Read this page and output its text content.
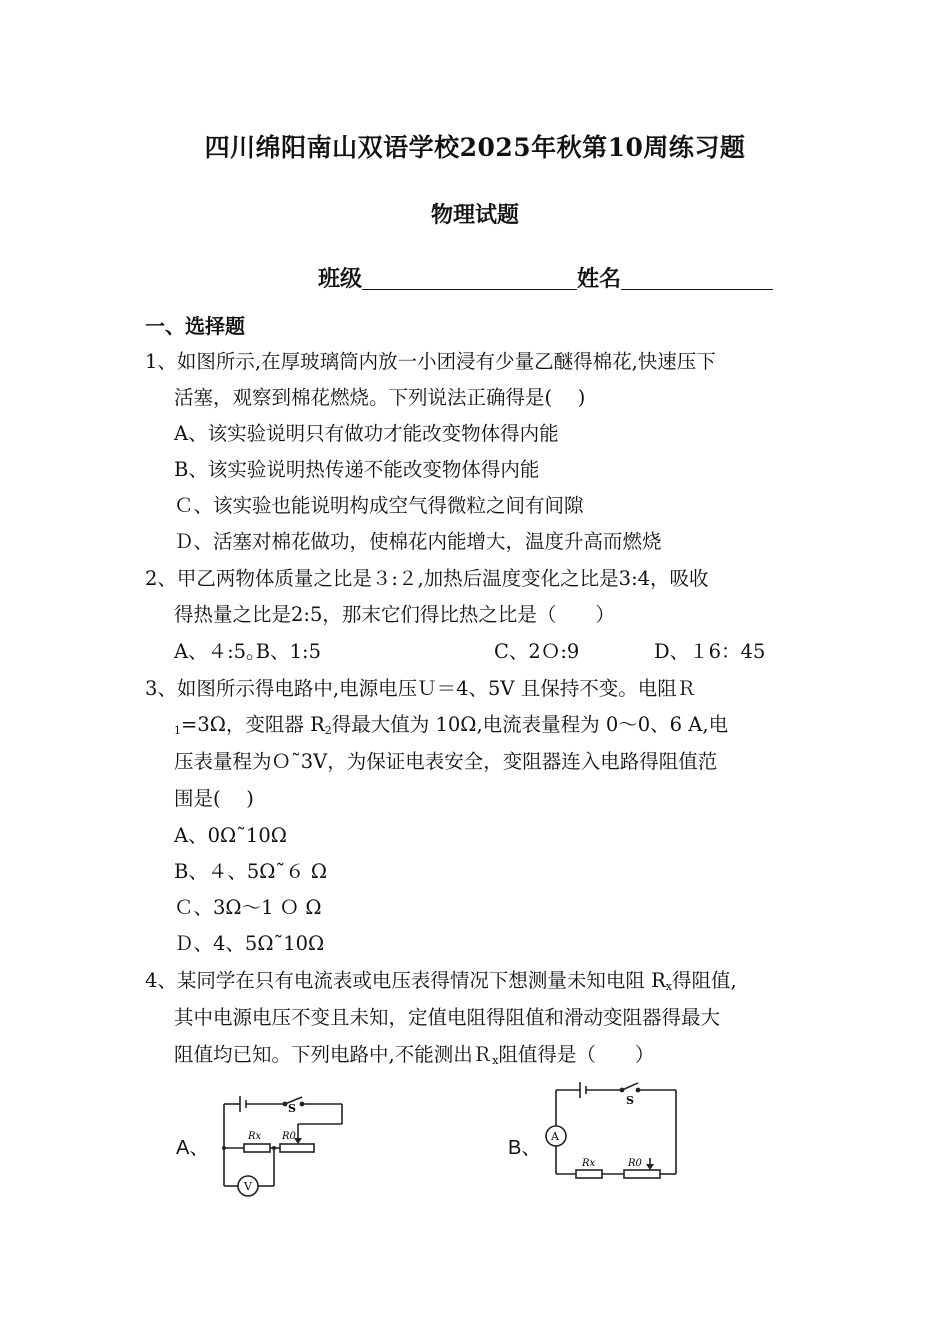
四川绵阳南山双语学校2025年秋第10周练习题
物理试题
班级	姓名
一、选择题
1、如图所示,在厚玻璃筒内放一小团浸有少量乙醚得棉花,快速压下
活塞，观察到棉花燃烧。下列说法正确得是(　 )
A、该实验说明只有做功才能改变物体得内能
B、该实验说明热传递不能改变物体得内能
Ｃ、该实验也能说明构成空气得微粒之间有间隙
Ｄ、活塞对棉花做功，使棉花内能增大，温度升高而燃烧
2、甲乙两物体质量之比是３:２,加热后温度变化之比是3:4，吸收
得热量之比是2:5，那末它们得比热之比是（　　）
A、４:5｡B、1:5	C、2Ｏ:9	D、１6：45
3、如图所示得电路中,电源电压Ｕ＝4、5V 且保持不变。电阻Ｒ
$_1$=3Ω，变阻器 $R_2$得最大值为 10Ω,电流表量程为 0～0、6 A,电
压表量程为Ｏ˜3V，为保证电表安全，变阻器连入电路得阻值范
围是(　 )
A、0Ω˜10Ω
B、４、5Ω˜６ Ω
Ｃ、3Ω～1 Ｏ Ω
Ｄ、4、5Ω˜10Ω
4、某同学在只有电流表或电压表得情况下想测量未知电阻 $R_x$得阻值,
其中电源电压不变且未知，定值电阻得阻值和滑动变阻器得最大
阻值均已知。下列电路中,不能测出Ｒ$_x$阻值得是（　　）
A、	B、
S
Rx R0
V
S
A
Rx	R0
